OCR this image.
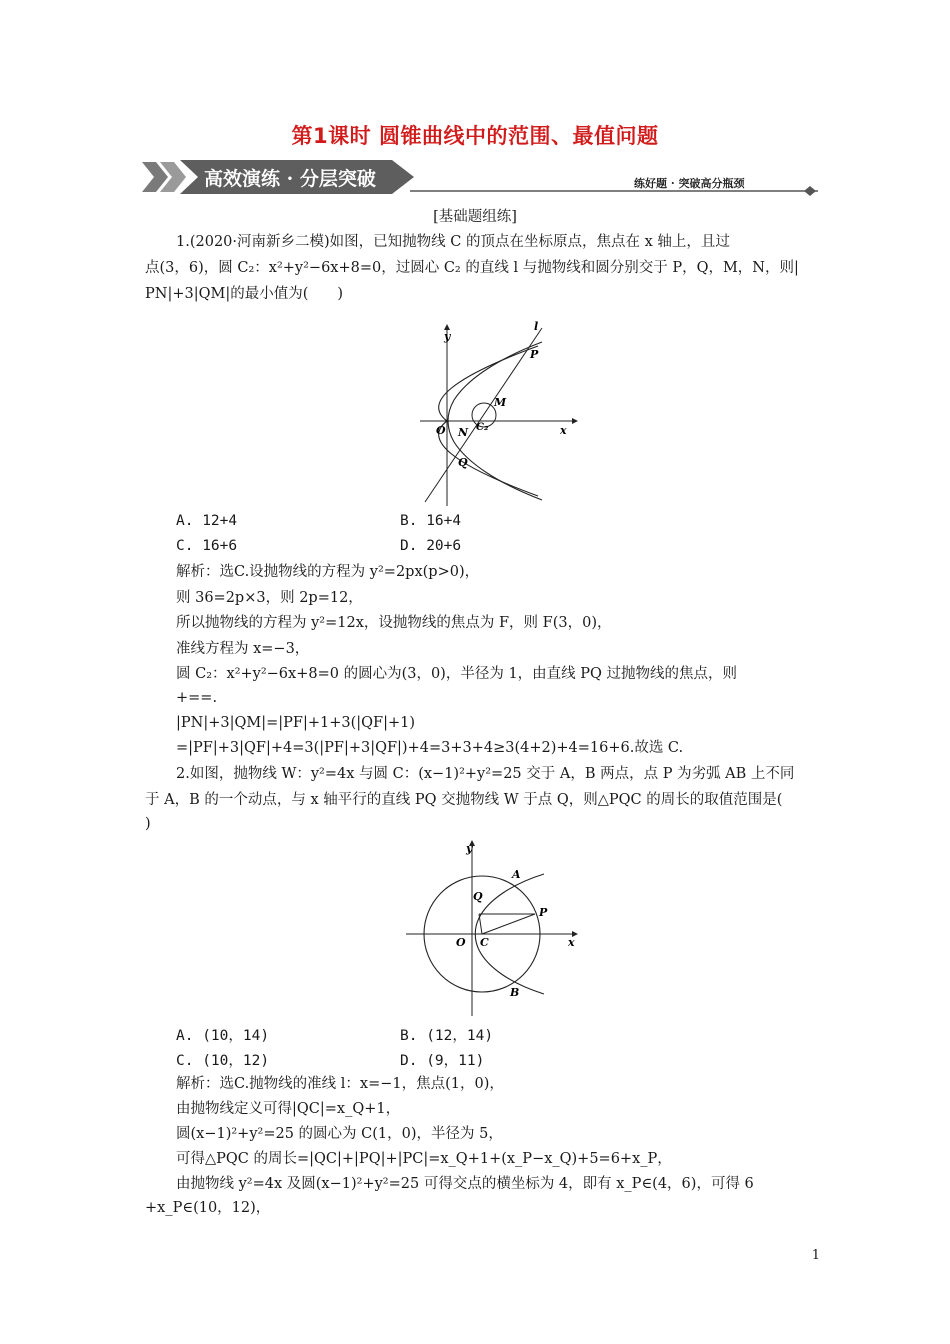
第1课时 圆锥曲线中的范围、最值问题
高效演练 · 分层突破	练好题 · 突破高分瓶颈
[基础题组练]
1.(2020·河南新乡二模)如图，已知抛物线 C 的顶点在坐标原点，焦点在 x 轴上，且过
点(3，6)，圆 C₂：x²+y²−6x+8=0，过圆心 C₂ 的直线 l 与抛物线和圆分别交于 P，Q，M，N，则|
PN|+3|QM|的最小值为(　　)
y
x
O
l
P
M
N C₂
Q
A. 12+4	B. 16+4
C. 16+6	D. 20+6
解析：选C.设抛物线的方程为 y²=2px(p>0)，
则 36=2p×3，则 2p=12，
所以抛物线的方程为 y²=12x，设抛物线的焦点为 F，则 F(3，0)，
准线方程为 x=−3，
圆 C₂：x²+y²−6x+8=0 的圆心为(3，0)，半径为 1，由直线 PQ 过抛物线的焦点，则
+==.
|PN|+3|QM|=|PF|+1+3(|QF|+1)
=|PF|+3|QF|+4=3(|PF|+3|QF|)+4=3+3+4≥3(4+2)+4=16+6.故选 C.
2.如图，抛物线 W：y²=4x 与圆 C：(x−1)²+y²=25 交于 A，B 两点，点 P 为劣弧 AB 上不同
于 A，B 的一个动点，与 x 轴平行的直线 PQ 交抛物线 W 于点 Q，则△PQC 的周长的取值范围是(
)
y
x
O C
A
B
P
Q
A. (10，14)	B. (12，14)
C. (10，12)	D. (9，11)
解析：选C.抛物线的准线 l：x=−1，焦点(1，0)，
由抛物线定义可得|QC|=x_Q+1，
圆(x−1)²+y²=25 的圆心为 C(1，0)，半径为 5，
可得△PQC 的周长=|QC|+|PQ|+|PC|=x_Q+1+(x_P−x_Q)+5=6+x_P，
由抛物线 y²=4x 及圆(x−1)²+y²=25 可得交点的横坐标为 4，即有 x_P∈(4，6)，可得 6
+x_P∈(10，12)，
1
